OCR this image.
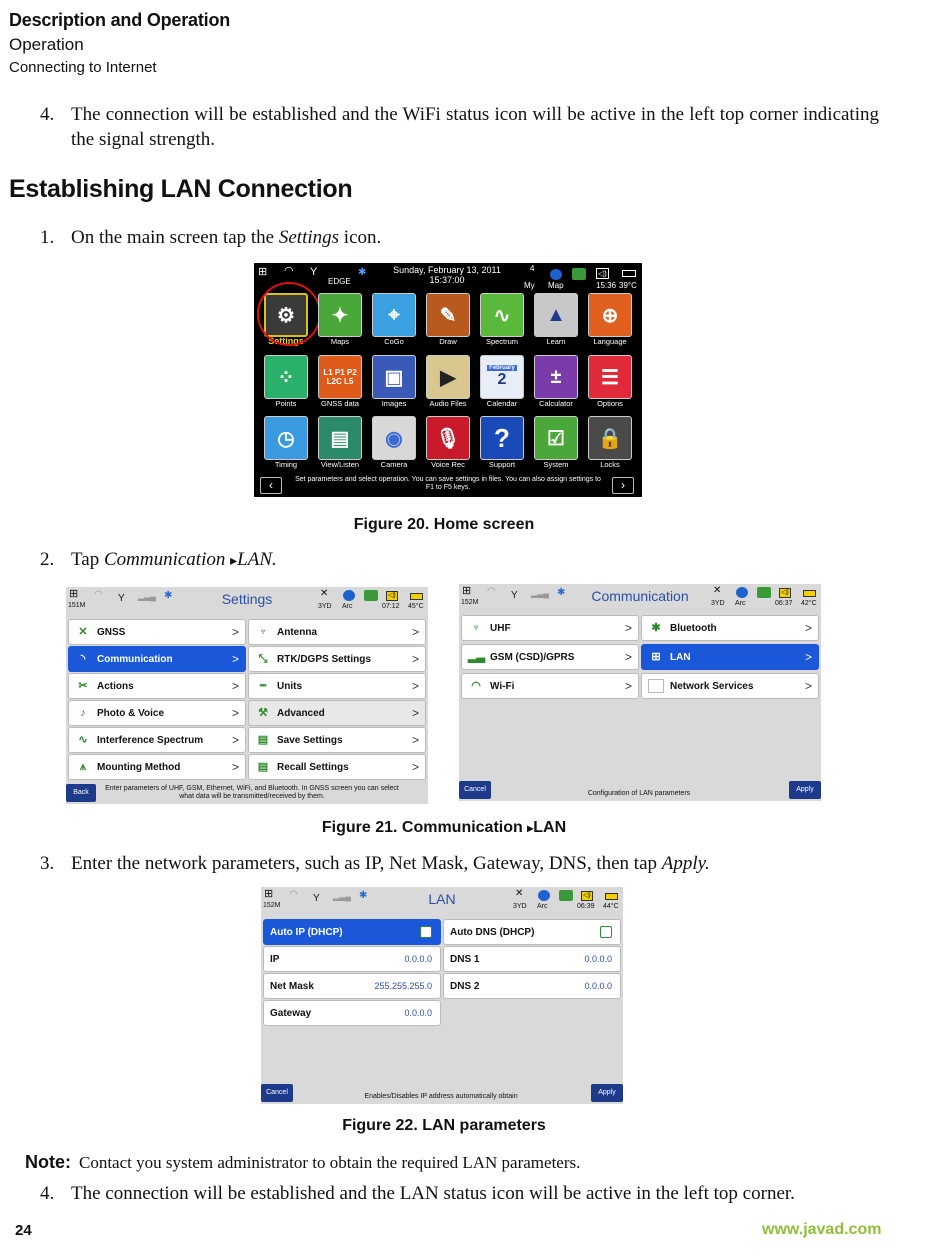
Description and Operation
Operation
Connecting to Internet
4. The connection will be established and the WiFi status icon will be active in the left top corner indicating the signal strength.
Establishing LAN Connection
1. On the main screen tap the Settings icon.
⊞ ◠ Y
EDGE
✱	Sunday, February 13, 2011
15:37:00
4
My Map
◁)
15:36 39°C
⚙
Settings
✦
Maps
⌖
CoGo
✎
Draw
∿
Spectrum
▲
Learn
⊕
Language
⁘
Points
L1 P1 P2 L2C L5
GNSS data
▣
Images
▶
Audio Files
February
2
Calendar
±
Calculator
☰
Options
◷
Timing
▤
View/Listen
◉
Camera
🎙
Voice Rec
?
Support
☑
System
🔒
Locks
‹	Set parameters and select operation. You can save settings in files. You can also assign settings to F1 to F5 keys.	›
Figure 20. Home screen
2. Tap Communication ▸LAN.
⊞
151M
◠ Y ▂▃▄ ✱	Settings	✕
3YD Arc
◁)
07:12 45°C
✕ GNSS	>
◝	Communication	>
✂ Actions	>
♪	Photo & Voice	>
∿ Interference Spectrum >
⩚	Mounting Method	>
♆ Antenna	>
⤡ RTK/DGPS Settings	>
┅	Units	>
⚒ Advanced	>
▤ Save Settings	>
▤ Recall Settings	>
Back
Enter parameters of UHF, GSM, Ethernet, WiFi, and Bluetooth. In GNSS screen you can select what data will be transmitted/received by them.
⊞
152M
◠ Y ▂▃▄ ✱	Communication	✕
3YD Arc
◁)
06:37 42°C
♆ UHF	>
▂▃ GSM (CSD)/GPRS	>
◠ Wi-Fi	>
✱ Bluetooth	>
⊞ LAN	>
Network Services	>
Cancel
Configuration of LAN parameters
Apply
Figure 21. Communication ▸LAN
3. Enter the network parameters, such as IP, Net Mask, Gateway, DNS, then tap Apply.
⊞
152M
◠ Y ▂▃▄ ✱	LAN	✕
3YD Arc
◁)
06:39 44°C
Auto IP (DHCP)
IP	0.0.0.0
Net Mask	255.255.255.0
Gateway	0.0.0.0
Auto DNS (DHCP)
DNS 1	0.0.0.0
DNS 2	0.0.0.0
Cancel
Enables/Disables IP address automatically obtain
Apply
Figure 22. LAN parameters
Note: Contact you system administrator to obtain the required LAN parameters.
4. The connection will be established and the LAN status icon will be active in the left top corner.
24	www.javad.com
